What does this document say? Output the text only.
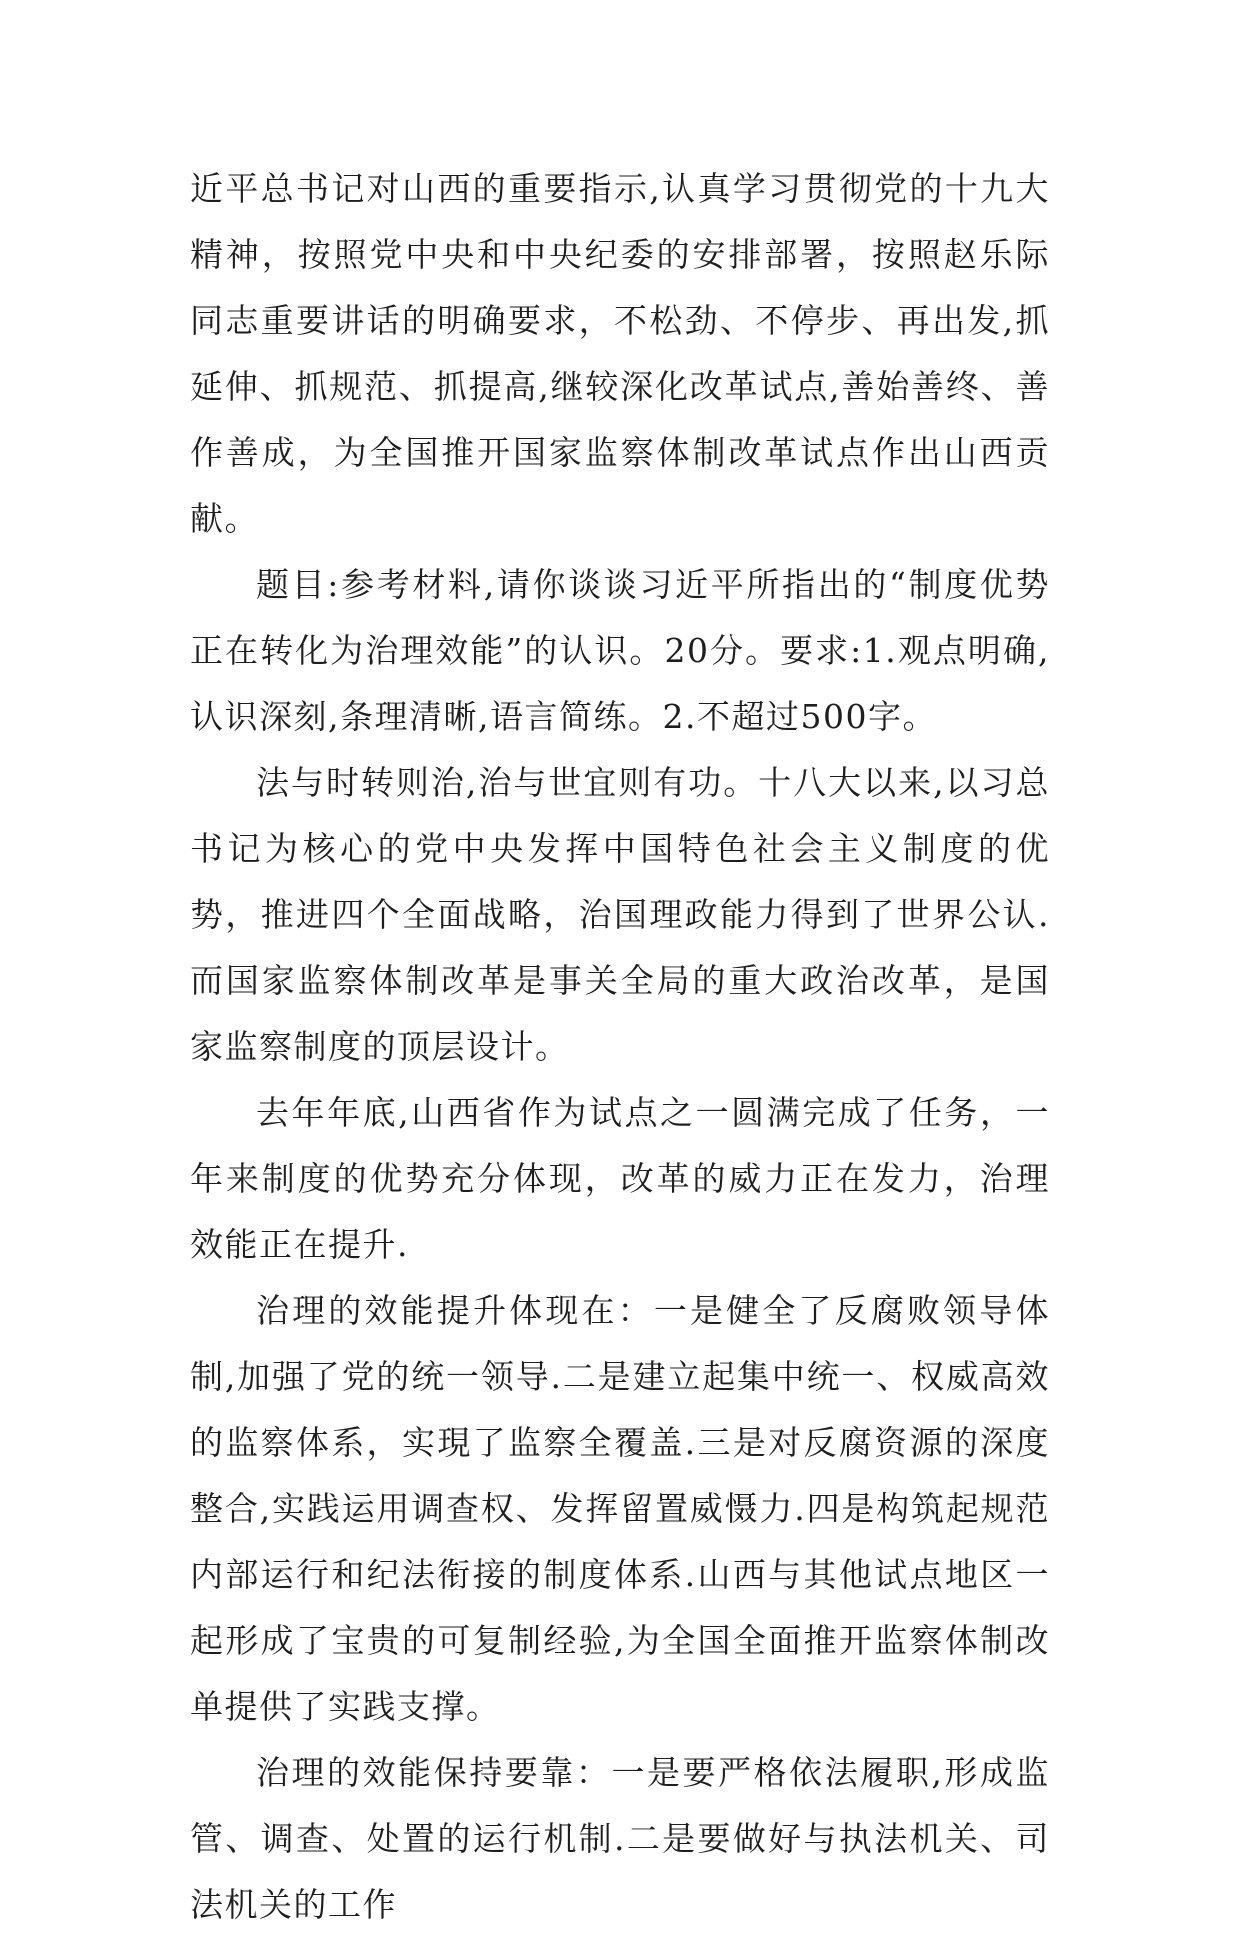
近平总书记对山西的重要指示,认真学习贯彻党的十九大精神，按照党中央和中央纪委的安排部署，按照赵乐际同志重要讲话的明确要求，不松劲、不停步、再出发,抓延伸、抓规范、抓提高,继较深化改革试点,善始善终、善作善成，为全国推开国家监察体制改革试点作出山西贡献。

题目:参考材料,请你谈谈习近平所指出的“制度优势正在转化为治理效能”的认识。20分。要求:1.观点明确,认识深刻,条理清晰,语言简练。2.不超过500字。

法与时转则治,治与世宜则有功。十八大以来,以习总书记为核心的党中央发挥中国特色社会主义制度的优势，推进四个全面战略，治国理政能力得到了世界公认.而国家监察体制改革是事关全局的重大政治改革，是国家监察制度的顶层设计。

去年年底,山西省作为试点之一圆满完成了任务，一年来制度的优势充分体现，改革的威力正在发力，治理效能正在提升.

治理的效能提升体现在：一是健全了反腐败领导体制,加强了党的统一领导.二是建立起集中统一、权威高效的监察体系，实現了监察全覆盖.三是对反腐资源的深度整合,实践运用调查权、发挥留置威慑力.四是构筑起规范内部运行和纪法衔接的制度体系.山西与其他试点地区一起形成了宝贵的可复制经验,为全国全面推开监察体制改单提供了实践支撑。

治理的效能保持要靠：一是要严格依法履职,形成监管、调查、处置的运行机制.二是要做好与执法机关、司法机关的工作
